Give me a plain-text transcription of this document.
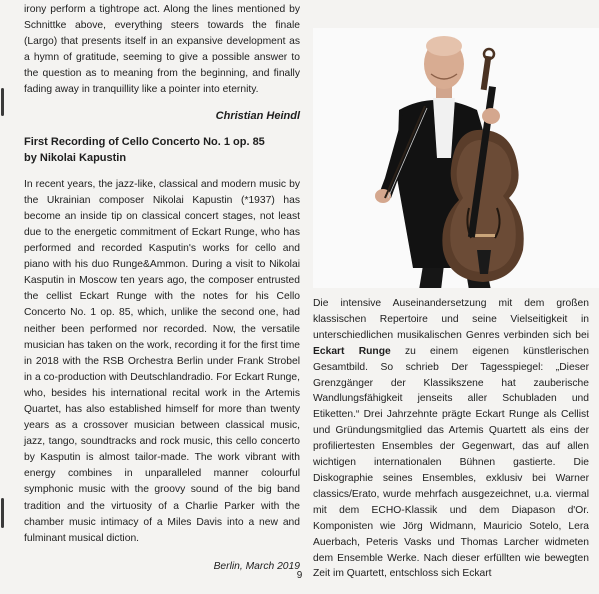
irony perform a tightrope act. Along the lines mentioned by Schnittke above, everything steers towards the finale (Largo) that presents itself in an expansive development as a hymn of gratitude, seeming to give a possible answer to the question as to meaning from the beginning, and finally fading away in tranquillity like a pointer into eternity.

Christian Heindl
First Recording of Cello Concerto No. 1 op. 85
by Nikolai Kapustin

In recent years, the jazz-like, classical and modern music by the Ukrainian composer Nikolai Kapustin (*1937) has become an inside tip on classical concert stages, not least due to the energetic commitment of Eckart Runge, who has performed and recorded Kasputin's works for cello and piano with his duo Runge&Ammon. During a visit to Nikolai Kasputin in Moscow ten years ago, the composer entrusted the cellist Eckart Runge with the notes for his Cello Concerto No. 1 op. 85, which, unlike the second one, had neither been performed nor recorded. Now, the versatile musician has taken on the work, recording it for the first time in 2018 with the RSB Orchestra Berlin under Frank Strobel in a co-production with Deutschlandradio. For Eckart Runge, who, besides his international recital work in the Artemis Quartet, has also established himself for more than twenty years as a crossover musician between classical music, jazz, tango, soundtracks and rock music, this cello concerto by Kasputin is almost tailor-made. The work vibrant with energy combines in unparalleled manner colourful symphonic music with the groovy sound of the big band tradition and the virtuosity of a Charlie Parker with the chamber music intimacy of a Miles Davis into a new and fulminant musical diction.

Berlin, March 2019

Die intensive Auseinandersetzung mit dem großen klassischen Repertoire und seine Vielseitigkeit in unterschiedlichen musikalischen Genres verbinden sich bei Eckart Runge zu einem eigenen künstlerischen Gesamtbild. So schrieb Der Tagesspiegel: „Dieser Grenzgänger der Klassikszene hat zauberische Wandlungsfähigkeit jenseits aller Schubladen und Etiketten.“ Drei Jahrzehnte prägte Eckart Runge als Cellist und Gründungsmitglied das Artemis Quartett als eins der profiliertesten Ensembles der Gegenwart, das auf allen wichtigen internationalen Bühnen gastierte. Die Diskographie seines Ensembles, exklusiv bei Warner classics/Erato, wurde mehrfach ausgezeichnet, u.a. viermal mit dem ECHO-Klassik und dem Diapason d'Or. Komponisten wie Jörg Widmann, Mauricio Sotelo, Lera Auerbach, Peteris Vasks und Thomas Larcher widmeten dem Ensemble Werke. Nach dieser erfüllten wie bewegten Zeit im Quartett, entschloss sich Eckart

9
